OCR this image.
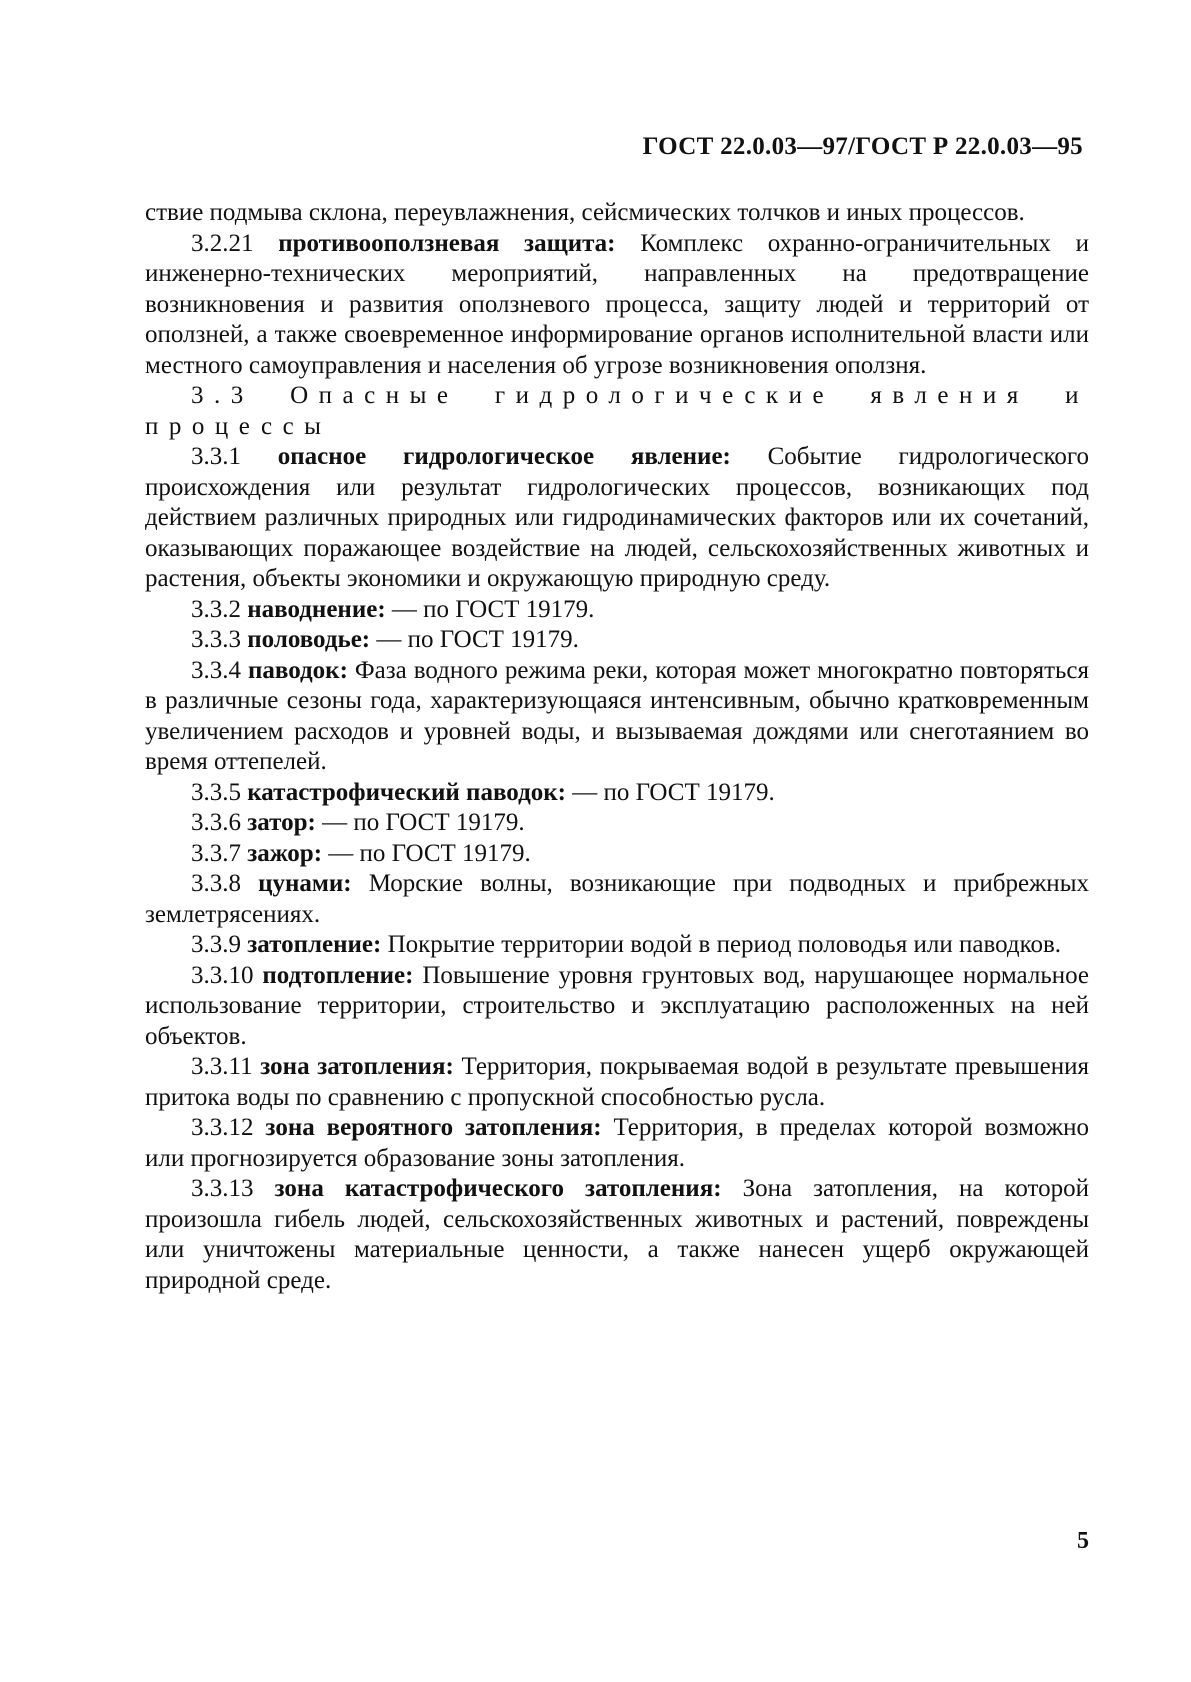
ГОСТ 22.0.03—97/ГОСТ Р 22.0.03—95

ствие подмыва склона, переувлажнения, сейсмических толчков и иных процессов.

3.2.21 противооползневая защита: Комплекс охранно-ограничительных и инженерно-технических мероприятий, направленных на предотвращение возникновения и развития оползневого процесса, защиту людей и территорий от оползней, а также своевременное информирование органов исполнительной власти или местного самоуправления и населения об угрозе возникновения оползня.

3.3 Опасные гидрологические явления и процессы

3.3.1 опасное гидрологическое явление: Событие гидрологического происхождения или результат гидрологических процессов, возникающих под действием различных природных или гидродинамических факторов или их сочетаний, оказывающих поражающее воздействие на людей, сельскохозяйственных животных и растения, объекты экономики и окружающую природную среду.

3.3.2 наводнение: — по ГОСТ 19179.

3.3.3 половодье: — по ГОСТ 19179.

3.3.4 паводок: Фаза водного режима реки, которая может многократно повторяться в различные сезоны года, характеризующаяся интенсивным, обычно кратковременным увеличением расходов и уровней воды, и вызываемая дождями или снеготаянием во время оттепелей.

3.3.5 катастрофический паводок: — по ГОСТ 19179.

3.3.6 затор: — по ГОСТ 19179.

3.3.7 зажор: — по ГОСТ 19179.

3.3.8 цунами: Морские волны, возникающие при подводных и прибрежных землетрясениях.

3.3.9 затопление: Покрытие территории водой в период половодья или паводков.

3.3.10 подтопление: Повышение уровня грунтовых вод, нарушающее нормальное использование территории, строительство и эксплуатацию расположенных на ней объектов.

3.3.11 зона затопления: Территория, покрываемая водой в результате превышения притока воды по сравнению с пропускной способностью русла.

3.3.12 зона вероятного затопления: Территория, в пределах которой возможно или прогнозируется образование зоны затопления.

3.3.13 зона катастрофического затопления: Зона затопления, на которой произошла гибель людей, сельскохозяйственных животных и растений, повреждены или уничтожены материальные ценности, а также нанесен ущерб окружающей природной среде.

5
